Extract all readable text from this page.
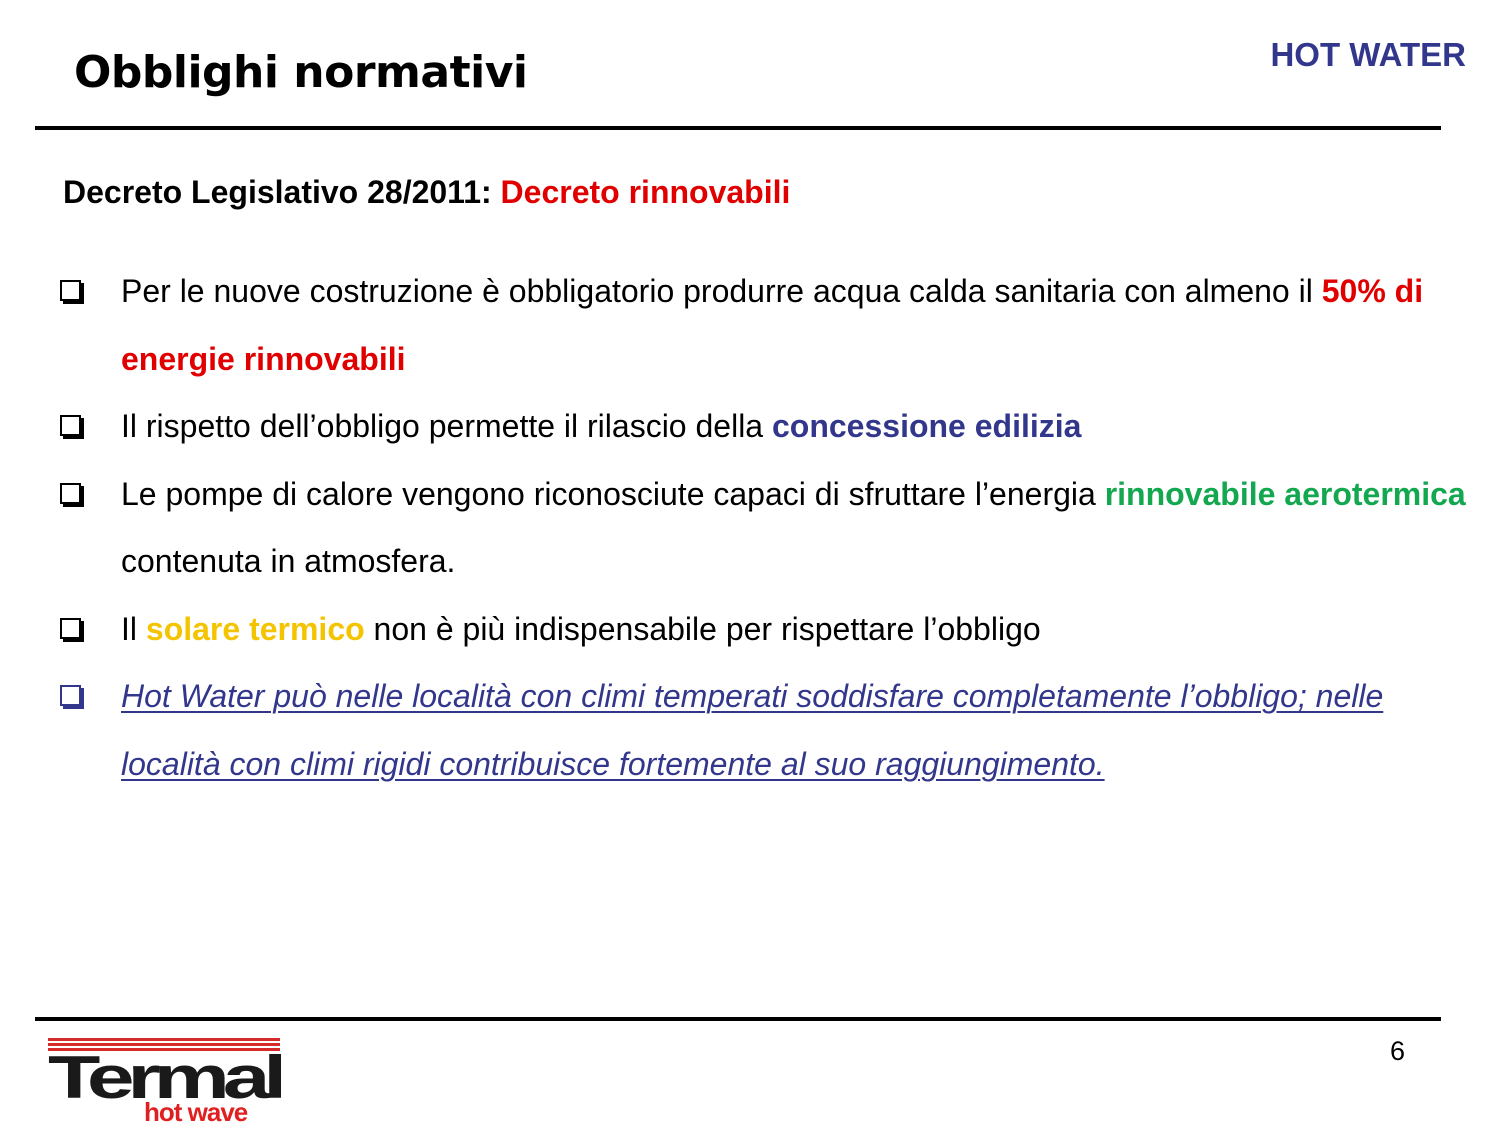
Obblighi normativi	HOT WATER

Decreto Legislativo 28/2011: Decreto rinnovabili

Per le nuove costruzione è obbligatorio produrre acqua calda sanitaria con almeno il 50% di energie rinnovabili
Il rispetto dell’obbligo permette il rilascio della concessione edilizia
Le pompe di calore vengono riconosciute capaci di sfruttare l’energia rinnovabile aerotermica contenuta in atmosfera.
Il solare termico non è più indispensabile per rispettare l’obbligo
Hot Water può nelle località con climi temperati soddisfare completamente l’obbligo; nelle località con climi rigidi contribuisce fortemente al suo raggiungimento.

6

Termal
hot wave
